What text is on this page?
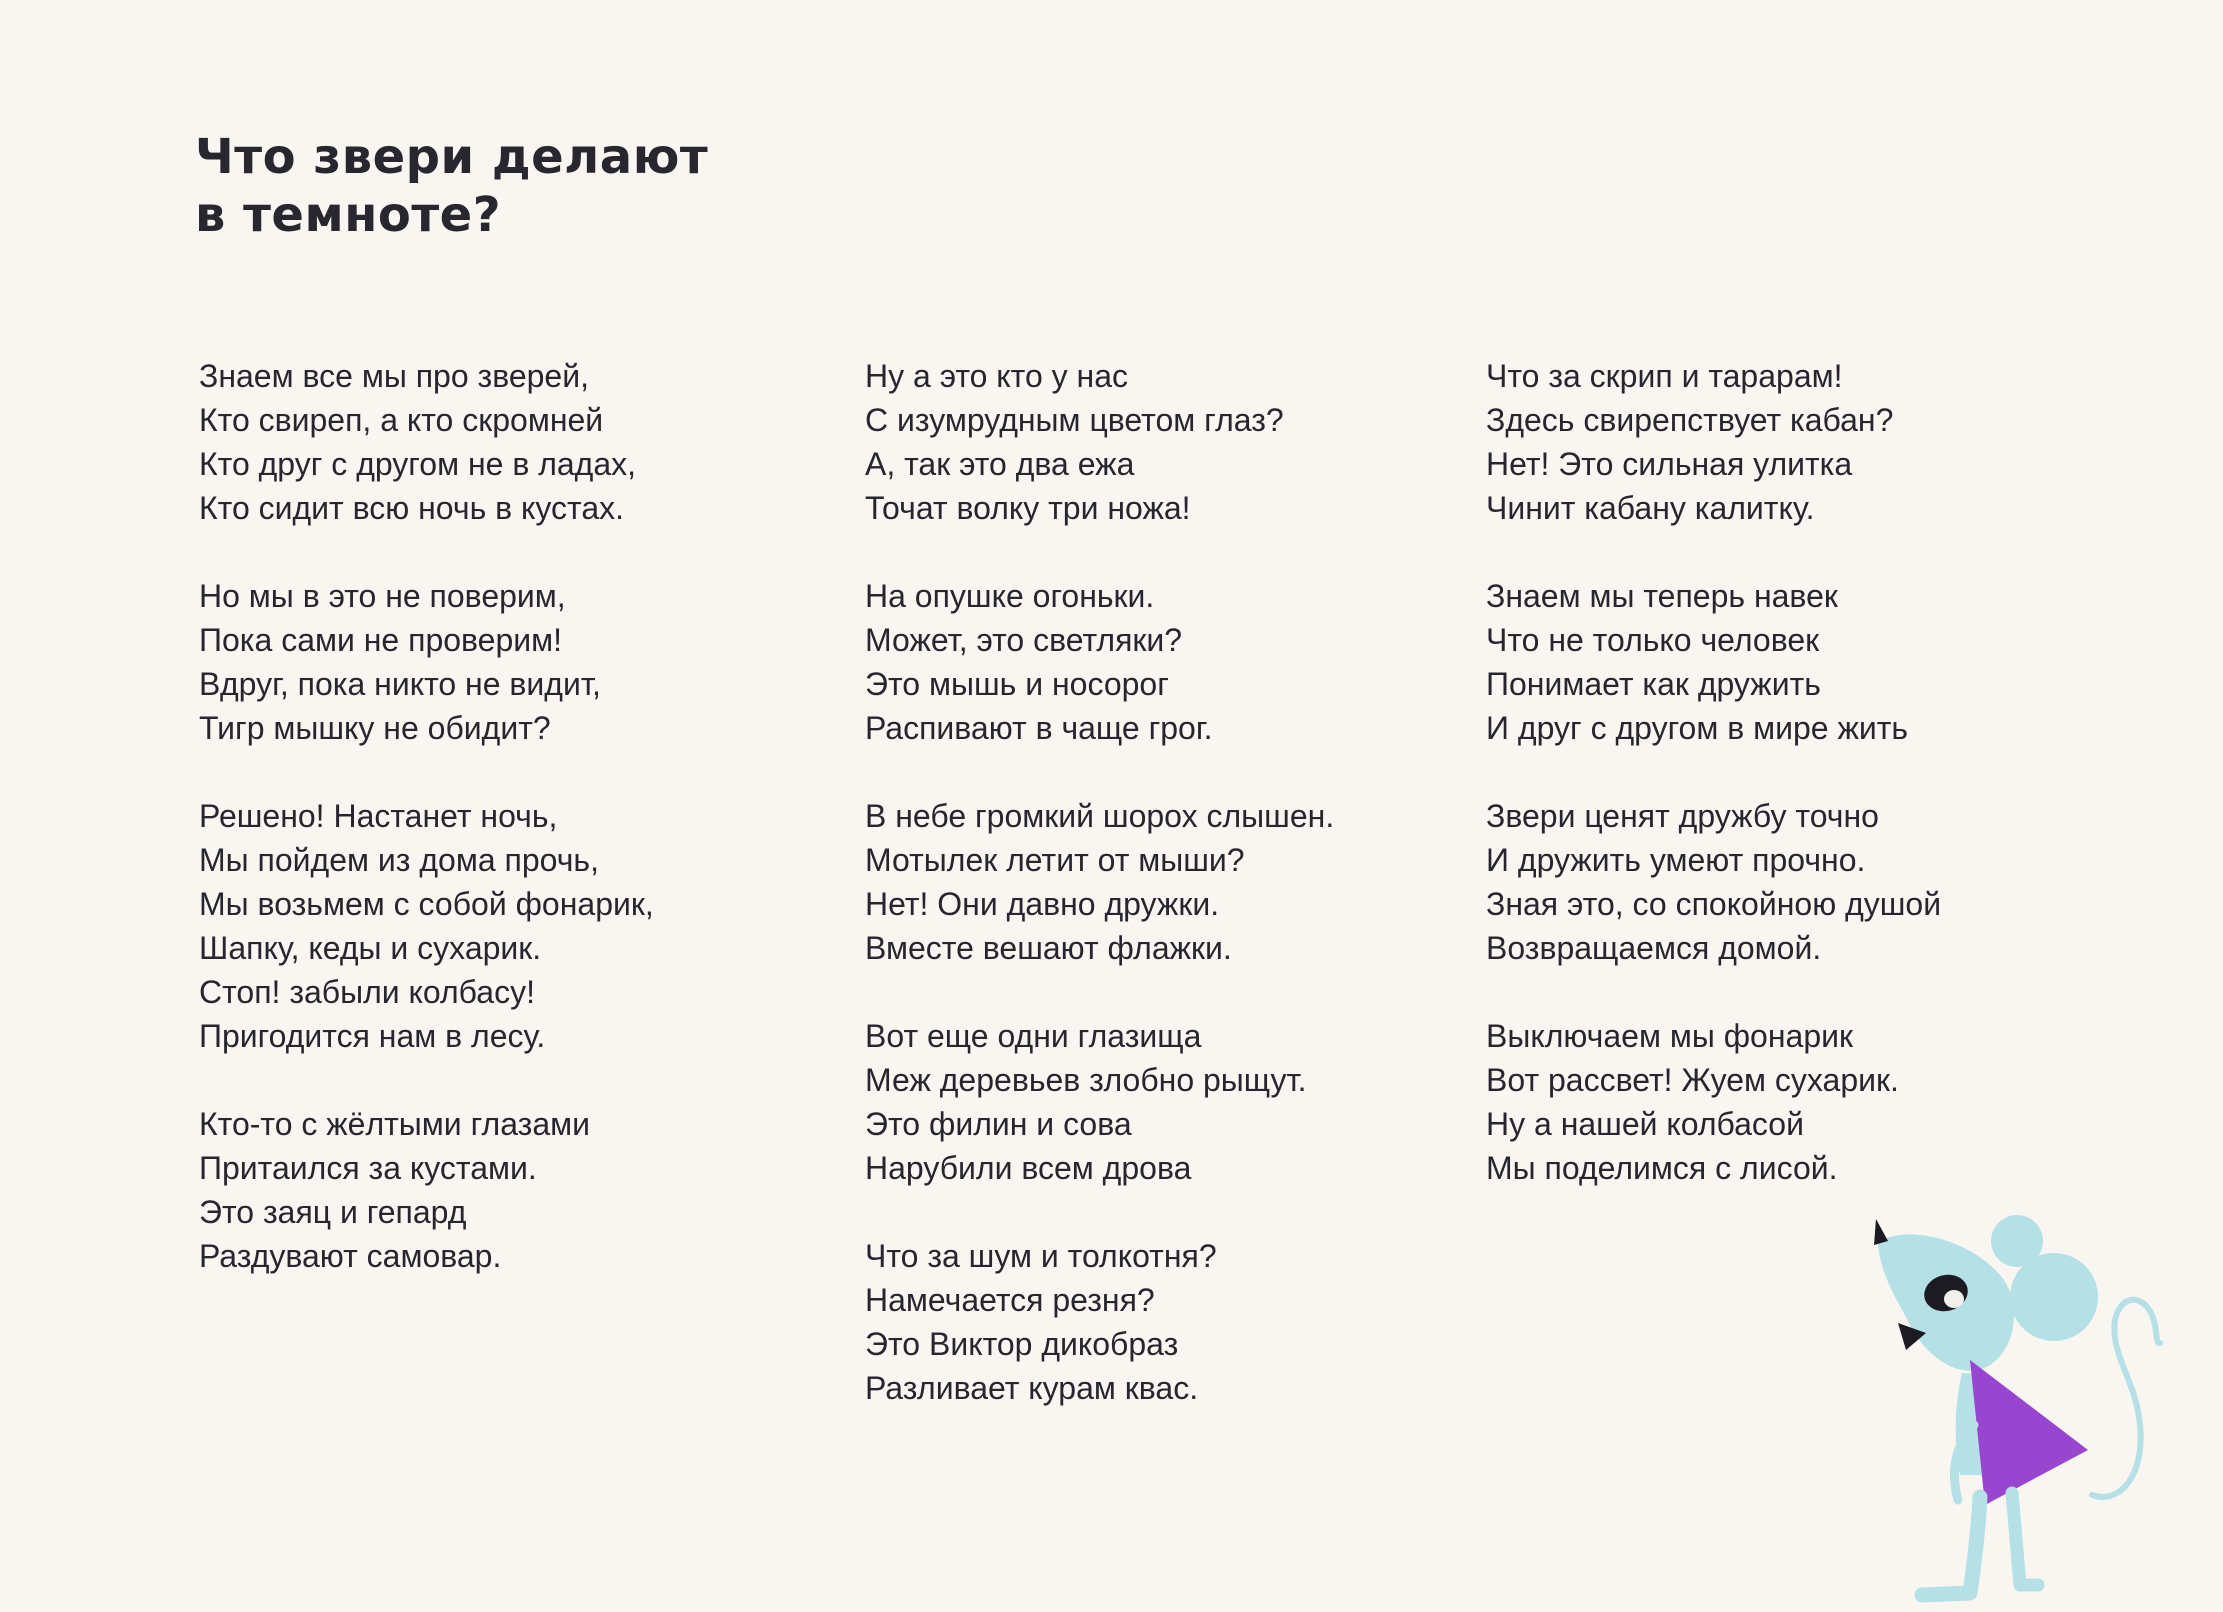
Что звери делают
в темноте?
Знаем все мы про зверей,
Кто свиреп, а кто скромней
Кто друг с другом не в ладах,
Кто сидит всю ночь в кустах.
Но мы в это не поверим,
Пока сами не проверим!
Вдруг, пока никто не видит,
Тигр мышку не обидит?
Решено! Настанет ночь,
Мы пойдем из дома прочь,
Мы возьмем с собой фонарик,
Шапку, кеды и сухарик.
Стоп! забыли колбасу!
Пригодится нам в лесу.
Кто-то с жёлтыми глазами
Притаился за кустами.
Это заяц и гепард
Раздувают самовар.
Ну а это кто у нас
С изумрудным цветом глаз?
А, так это два ежа
Точат волку три ножа!
На опушке огоньки.
Может, это светляки?
Это мышь и носорог
Распивают в чаще грог.
В небе громкий шорох слышен.
Мотылек летит от мыши?
Нет! Они давно дружки.
Вместе вешают флажки.
Вот еще одни глазища
Меж деревьев злобно рыщут.
Это филин и сова
Нарубили всем дрова
Что за шум и толкотня?
Намечается резня?
Это Виктор дикобраз
Разливает курам квас.
Что за скрип и тарарам!
Здесь свирепствует кабан?
Нет! Это сильная улитка
Чинит кабану калитку.
Знаем мы теперь навек
Что не только человек
Понимает как дружить
И друг с другом в мире жить
Звери ценят дружбу точно
И дружить умеют прочно.
Зная это, со спокойною душой
Возвращаемся домой.
Выключаем мы фонарик
Вот рассвет! Жуем сухарик.
Ну а нашей колбасой
Мы поделимся с лисой.
